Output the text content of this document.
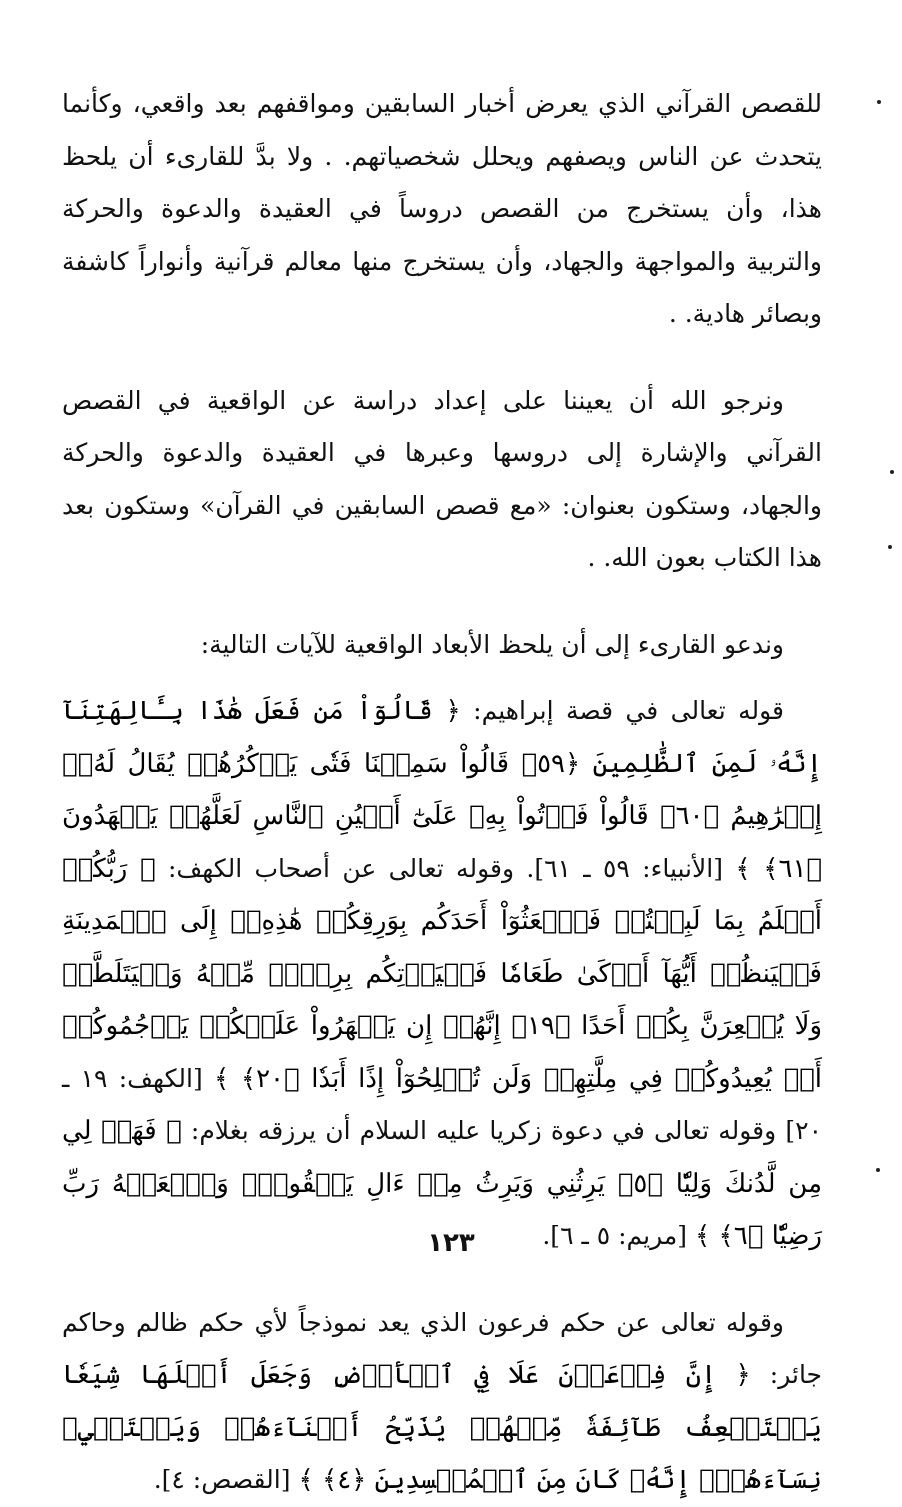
للقصص القرآني الذي يعرض أخبار السابقين ومواقفهم بعد واقعي، وكأنما يتحدث عن الناس ويصفهم ويحلل شخصياتهم. . ولا بدَّ للقارىء أن يلحظ هذا، وأن يستخرج من القصص دروساً في العقيدة والدعوة والحركة والتربية والمواجهة والجهاد، وأن يستخرج منها معالم قرآنية وأنواراً كاشفة وبصائر هادية. .

ونرجو الله أن يعيننا على إعداد دراسة عن الواقعية في القصص القرآني والإشارة إلى دروسها وعبرها في العقيدة والدعوة والحركة والجهاد، وستكون بعنوان: «مع قصص السابقين في القرآن» وستكون بعد هذا الكتاب بعون الله. .

وندعو القارىء إلى أن يلحظ الأبعاد الواقعية للآيات التالية:

قوله تعالى في قصة إبراهيم: ﴿ قَالُوٓاْ مَن فَعَلَ هَٰذَا بِـَٔالِهَتِنَآ إِنَّهُۥ لَمِنَ ٱلظَّٰلِمِينَ ﴿٥٩﴾ قَالُواْ سَمِعۡنَا فَتٗى يَذۡكُرُهُمۡ يُقَالُ لَهُۥٓ إِبۡرَٰهِيمُ ﴿٦٠﴾ قَالُواْ فَأۡتُواْ بِهِۦ عَلَىٰٓ أَعۡيُنِ ٱلنَّاسِ لَعَلَّهُمۡ يَشۡهَدُونَ ﴿٦١﴾ ﴾ [الأنبياء: ٥٩ ـ ٦١]. وقوله تعالى عن أصحاب الكهف: ﴿ رَبُّكُمۡ أَعۡلَمُ بِمَا لَبِثۡتُمۡ فَٱبۡعَثُوٓاْ أَحَدَكُم بِوَرِقِكُمۡ هَٰذِهِۦٓ إِلَى ٱلۡمَدِينَةِ فَلۡيَنظُرۡ أَيُّهَآ أَزۡكَىٰ طَعَامٗا فَلۡيَأۡتِكُم بِرِزۡقٖ مِّنۡهُ وَلۡيَتَلَطَّفۡ وَلَا يُشۡعِرَنَّ بِكُمۡ أَحَدًا ﴿١٩﴾ إِنَّهُمۡ إِن يَظۡهَرُواْ عَلَيۡكُمۡ يَرۡجُمُوكُمۡ أَوۡ يُعِيدُوكُمۡ فِي مِلَّتِهِمۡ وَلَن تُفۡلِحُوٓاْ إِذًا أَبَدٗا ﴿٢٠﴾ ﴾ [الكهف: ١٩ ـ ٢٠] وقوله تعالى في دعوة زكريا عليه السلام أن يرزقه بغلام: ﴿ فَهَبۡ لِي مِن لَّدُنكَ وَلِيّٗا ﴿٥﴾ يَرِثُنِي وَيَرِثُ مِنۡ ءَالِ يَعۡقُوبَۖ وَٱجۡعَلۡهُ رَبِّ رَضِيّٗا ﴿٦﴾ ﴾ [مريم: ٥ ـ ٦].

وقوله تعالى عن حكم فرعون الذي يعد نموذجاً لأي حكم ظالم وحاكم جائر: ﴿ إِنَّ فِرۡعَوۡنَ عَلَا فِي ٱلۡأَرۡضِ وَجَعَلَ أَهۡلَهَا شِيَعٗا يَسۡتَضۡعِفُ طَآئِفَةٗ مِّنۡهُمۡ يُذَبِّحُ أَبۡنَآءَهُمۡ وَيَسۡتَحۡيِۦ نِسَآءَهُمۡۚ إِنَّهُۥ كَانَ مِنَ ٱلۡمُفۡسِدِينَ ﴿٤﴾ ﴾ [القصص: ٤].

١٢٣
